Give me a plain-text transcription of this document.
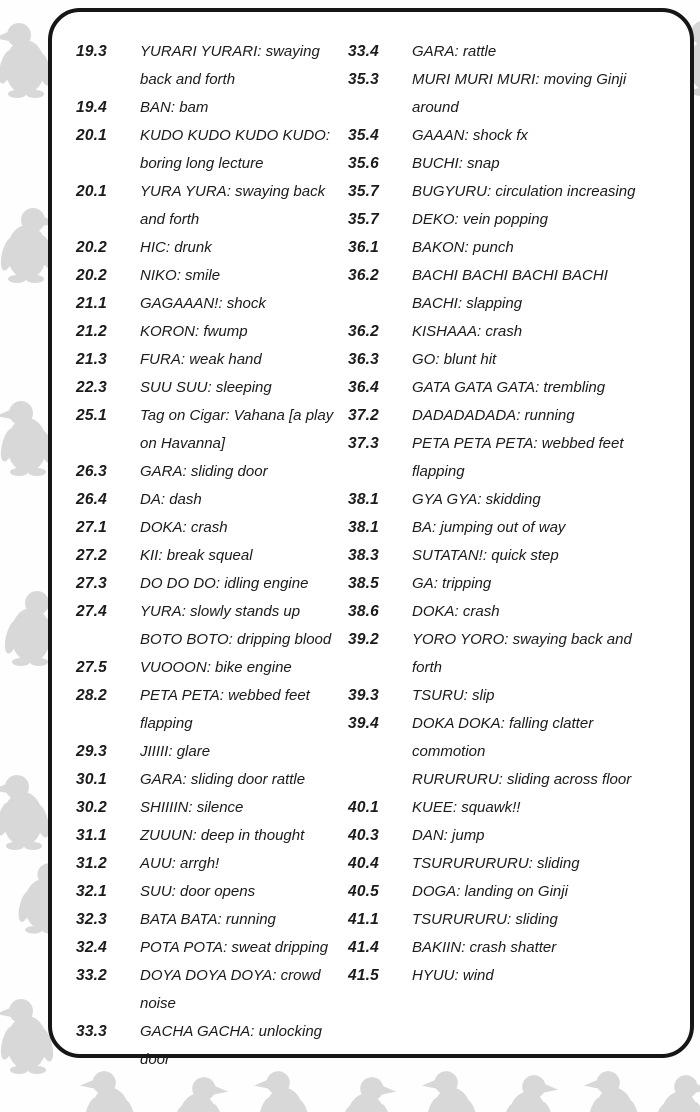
19.3	YURARI YURARI : swaying back and forth
19.4	BAN : bam
20.1	KUDO KUDO KUDO KUDO : boring long lecture
20.1	YURA YURA : swaying back and forth
20.2	HIC : drunk
20.2	NIKO : smile
21.1	GAGAAAN! : shock
21.2	KORON : fwump
21.3	FURA : weak hand
22.3	SUU SUU : sleeping
25.1	Tag on Cigar : Vahana [a play on Havanna]
26.3	GARA : sliding door
26.4	DA : dash
27.1	DOKA : crash
27.2	KII : break squeal
27.3	DO DO DO : idling engine
27.4	YURA : slowly stands up
BOTO BOTO : dripping blood
27.5	VUOOON : bike engine
28.2	PETA PETA : webbed feet flapping
29.3	JIIIII : glare
30.1	GARA : sliding door rattle
30.2	SHIIIIN : silence
31.1	ZUUUN : deep in thought
31.2	AUU : arrgh!
32.1	SUU : door opens
32.3	BATA BATA : running
32.4	POTA POTA : sweat dripping
33.2	DOYA DOYA DOYA : crowd noise
33.3	GACHA GACHA : unlocking door
33.4	GARA : rattle
35.3	MURI MURI MURI : moving Ginji around
35.4	GAAAN : shock fx
35.6	BUCHI : snap
35.7	BUGYURU : circulation increasing
35.7	DEKO : vein popping
36.1	BAKON : punch
36.2	BACHI BACHI BACHI BACHI BACHI : slapping
36.2	KISHAAA : crash
36.3	GO : blunt hit
36.4	GATA GATA GATA : trembling
37.2	DADADADADA : running
37.3	PETA PETA PETA : webbed feet flapping
38.1	GYA GYA : skidding
38.1	BA : jumping out of way
38.3	SUTATAN! : quick step
38.5	GA : tripping
38.6	DOKA : crash
39.2	YORO YORO : swaying back and forth
39.3	TSURU : slip
39.4	DOKA DOKA : falling clatter commotion
RURURURU : sliding across floor
40.1	KUEE : squawk!!
40.3	DAN : jump
40.4	TSURURURURU : sliding
40.5	DOGA : landing on Ginji
41.1	TSURURURU : sliding
41.4	BAKIIN : crash shatter
41.5	HYUU : wind
